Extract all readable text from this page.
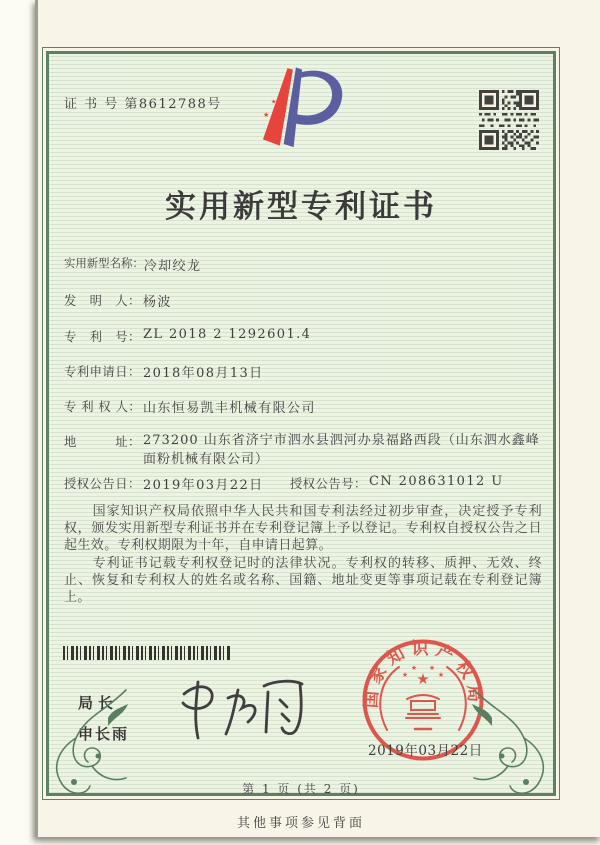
证 书 号 第8612788号
★
★
★
★
★
实用新型专利证书
实用新型名称： 冷却绞龙
发　明　人： 杨波
专　利　号： ZL 2018 2 1292601.4
专利申请日： 2018年08月13日
专 利 权 人： 山东恒易凯丰机械有限公司
地　　　址： 273200 山东省济宁市泗水县泗河办泉福路西段（山东泗水鑫峰面粉机械有限公司）
授权公告日： 2019年03月22日 授权公告号： CN 208631012 U

国家知识产权局依照中华人民共和国专利法经过初步审查，决定授予专利权，颁发实用新型专利证书并在专利登记簿上予以登记。专利权自授权公告之日起生效。专利权期限为十年，自申请日起算。

专利证书记载专利权登记时的法律状况。专利权的转移、质押、无效、终止、恢复和专利权人的姓名或名称、国籍、地址变更等事项记载在专利登记簿上。

局长
申长雨
国家知识产权局
★
★
★ ★
★
2019年03月22日
第 1 页 (共 2 页)
其他事项参见背面
